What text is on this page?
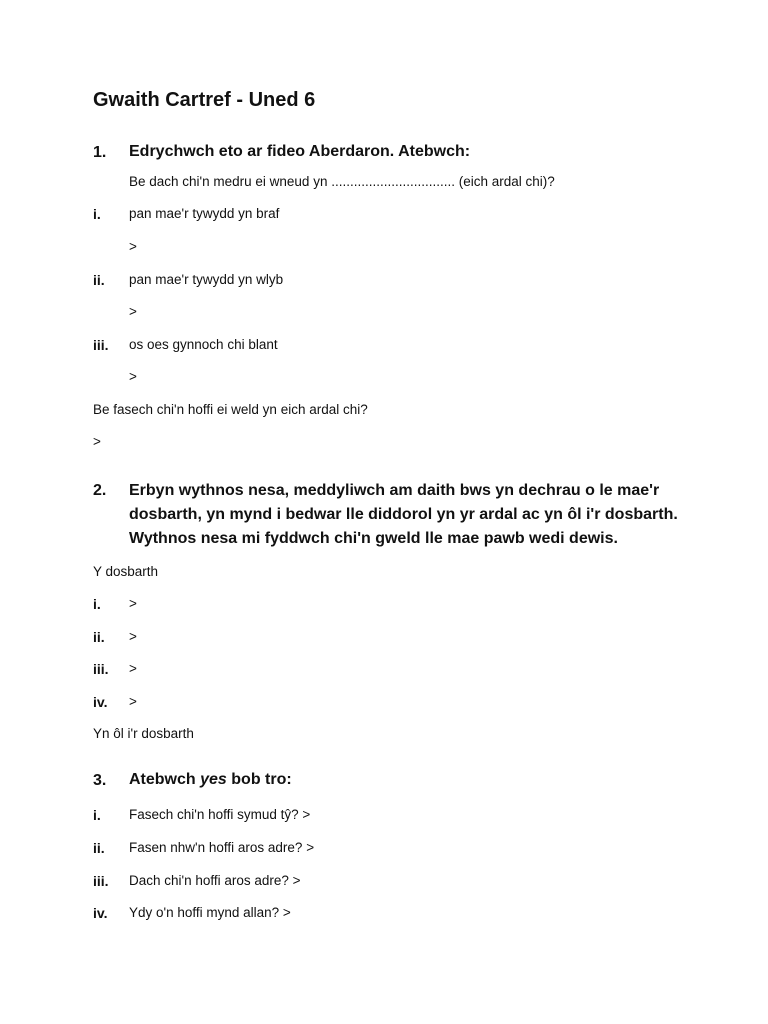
Gwaith Cartref - Uned 6
1. Edrychwch eto ar fideo Aberdaron. Atebwch:
Be dach chi'n medru ei wneud yn ................................. (eich ardal chi)?
i. pan mae'r tywydd yn braf
>
ii. pan mae'r tywydd yn wlyb
>
iii. os oes gynnoch chi blant
>
Be fasech chi'n hoffi ei weld yn eich ardal chi?
>
2. Erbyn wythnos nesa, meddyliwch am daith bws yn dechrau o le mae'r
dosbarth, yn mynd i bedwar lle diddorol yn yr ardal ac yn ôl i'r dosbarth.
Wythnos nesa mi fyddwch chi'n gweld lle mae pawb wedi dewis.
Y dosbarth
i. >
ii. >
iii. >
iv. >
Yn ôl i'r dosbarth
3. Atebwch yes bob tro:
i. Fasech chi'n hoffi symud tŷ? >
ii. Fasen nhw'n hoffi aros adre? >
iii. Dach chi'n hoffi aros adre? >
iv. Ydy o'n hoffi mynd allan? >
